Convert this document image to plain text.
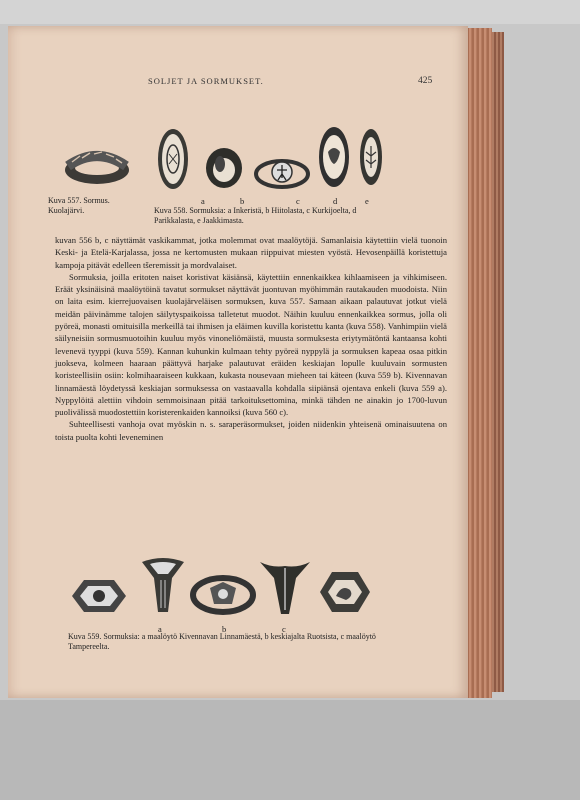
SOLJET JA SORMUKSET.	425
Kuva 557. Sormus. Kuolajärvi.
a	b	c	d	e
Kuva 558. Sormuksia: a Inkeristä, b Hiitolasta, c Kurkijoelta, d Parikkalasta, e Jaakkimasta.

kuvan 556 b, c näyttämät vaskikammat, jotka molemmat ovat maalöytöjä. Samanlaisia käytettiin vielä tuonoin Keski- ja Etelä-Karjalassa, jossa ne kertomusten mukaan riippuivat miesten vyöstä. Hevosenpäillä koristettuja kampoja pitävät edelleen tšeremissit ja mordvalaiset.

Sormuksia, joilla eritoten naiset koristivat käsiänsä, käytettiin ennenkaikkea kihlaamiseen ja vihkimiseen. Eräät yksinäisinä maalöytöinä tavatut sormukset näyttävät juontuvan myöhimmän rautakauden muodoista. Niin on laita esim. kierrejuovaisen kuolajärveläisen sormuksen, kuva 557. Samaan aikaan palautuvat jotkut vielä meidän päivinämme talojen säilytyspaikoissa talletetut muodot. Näihin kuuluu ennenkaikkea sormus, jolla oli pyöreä, monasti omituisilla merkeillä tai ihmisen ja eläimen kuvilla koristettu kanta (kuva 558). Vanhimpiin vielä säilyneisiin sormusmuotoihin kuuluu myös vinoneliömäistä, muusta sormuksesta eriytymätöntä kantaansa kohti levenevä tyyppi (kuva 559). Kannan kuhunkin kulmaan tehty pyöreä nyppylä ja sormuksen kapeaa osaa pitkin juokseva, kolmeen haaraan päättyvä harjake palautuvat eräiden keskiajan lopulle kuuluvain sormusten koristeellisiin osiin: kolmihaaraiseen kukkaan, kukasta nousevaan mieheen tai käteen (kuva 559 b). Kivennavan linnamäestä löydetyssä keskiajan sormuksessa on vastaavalla kohdalla siipiänsä ojentava enkeli (kuva 559 a). Nyppylöitä alettiin vihdoin semmoisinaan pitää tarkoituksettomina, minkä tähden ne ainakin jo 1700-luvun puolivälissä muodostettiin koristerenkaiden kannoiksi (kuva 560 c).

Suhteellisesti vanhoja ovat myöskin n. s. saraperäsormukset, joiden niidenkin yhteisenä ominaisuutena on toista puolta kohti leveneminen

a	b	c
Kuva 559. Sormuksia: a maalöytö Kivennavan Linnamäestä, b keskiajalta Ruotsista, c maalöytö Tampereelta.
